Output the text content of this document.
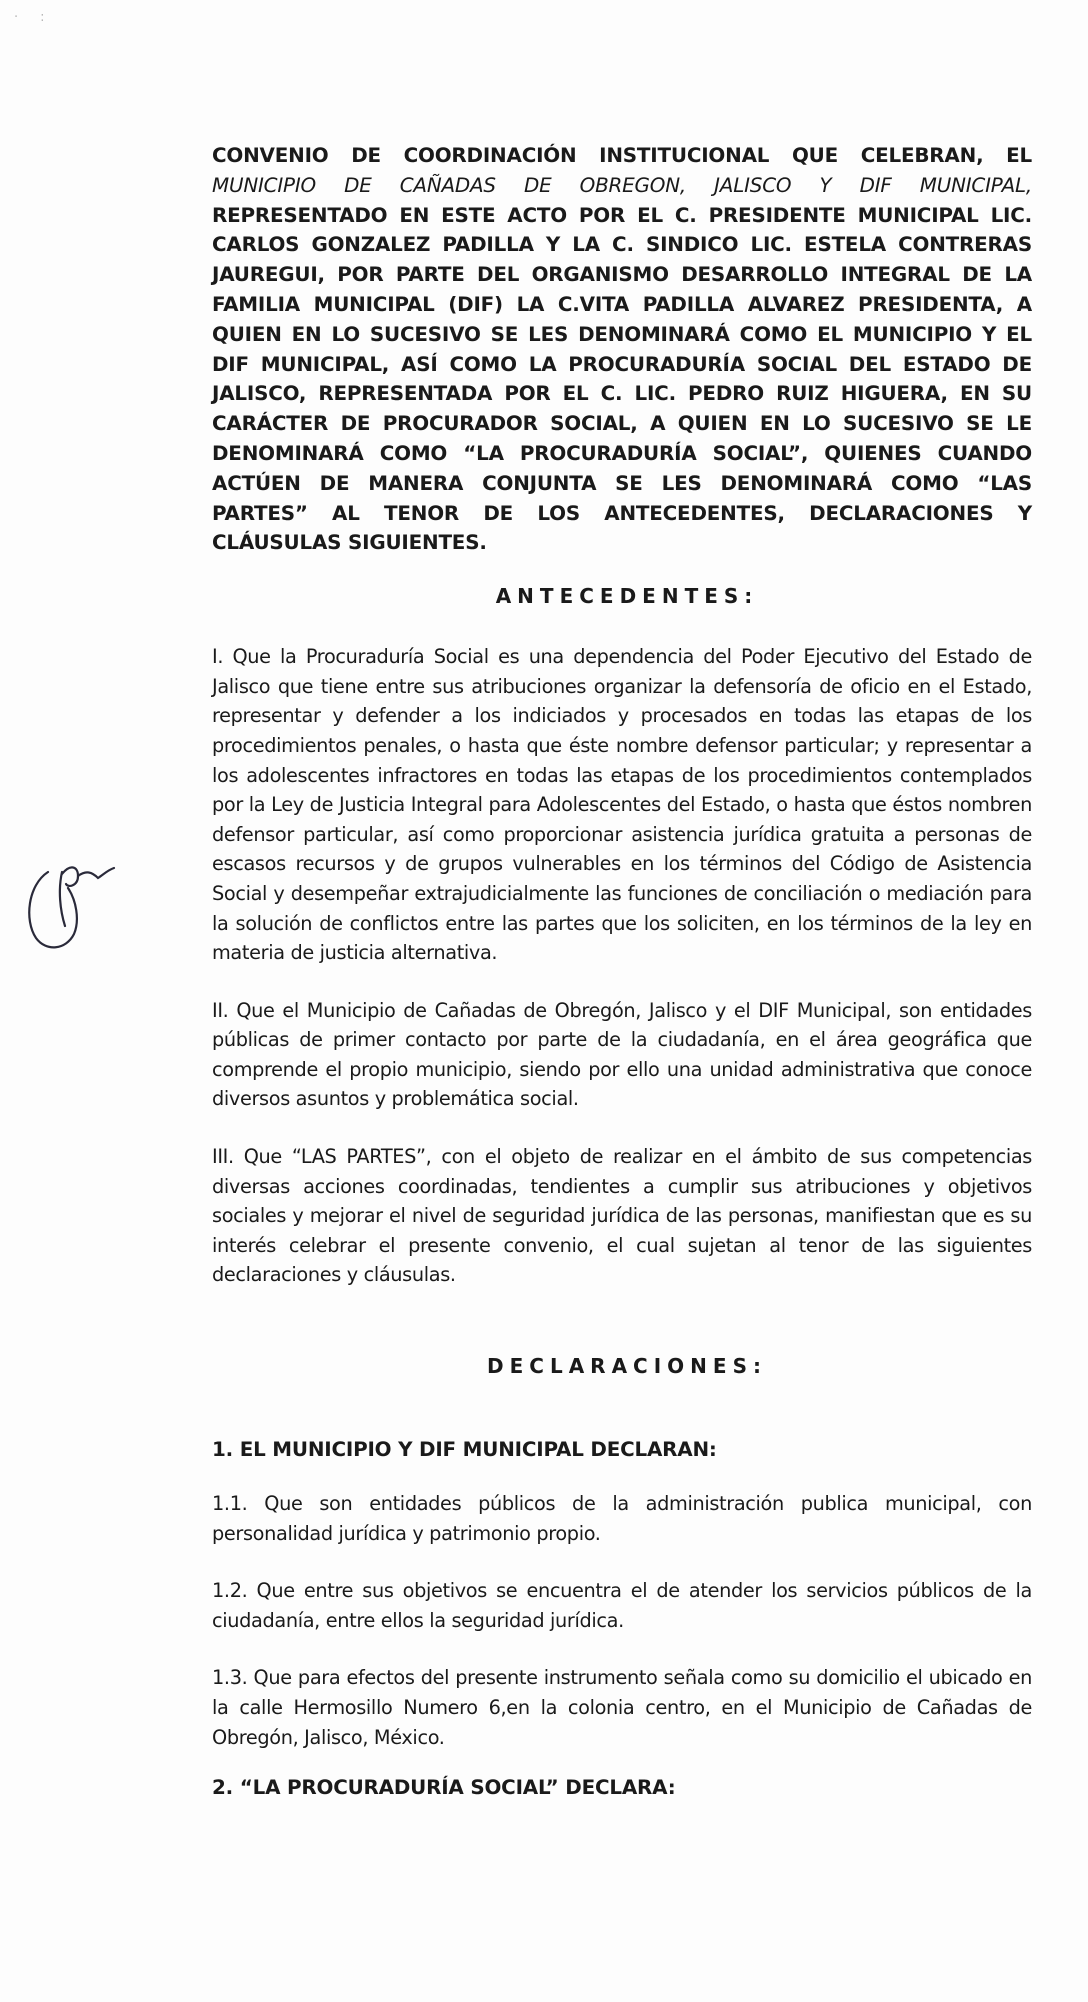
·:

CONVENIO DE COORDINACIÓN INSTITUCIONAL QUE CELEBRAN, EL MUNICIPIO DE CAÑADAS DE OBREGON, JALISCO Y DIF MUNICIPAL, REPRESENTADO EN ESTE ACTO POR EL C. PRESIDENTE MUNICIPAL LIC. CARLOS GONZALEZ PADILLA Y LA C. SINDICO LIC. ESTELA CONTRERAS JAUREGUI, POR PARTE DEL ORGANISMO DESARROLLO INTEGRAL DE LA FAMILIA MUNICIPAL (DIF) LA C.VITA PADILLA ALVAREZ PRESIDENTA, A QUIEN EN LO SUCESIVO SE LES DENOMINARÁ COMO EL MUNICIPIO Y EL DIF MUNICIPAL, ASÍ COMO LA PROCURADURÍA SOCIAL DEL ESTADO DE JALISCO, REPRESENTADA POR EL C. LIC. PEDRO RUIZ HIGUERA, EN SU CARÁCTER DE PROCURADOR SOCIAL, A QUIEN EN LO SUCESIVO SE LE DENOMINARÁ COMO “LA PROCURADURÍA SOCIAL”, QUIENES CUANDO ACTÚEN DE MANERA CONJUNTA SE LES DENOMINARÁ COMO “LAS PARTES” AL TENOR DE LOS ANTECEDENTES, DECLARACIONES Y CLÁUSULAS SIGUIENTES.

ANTECEDENTES:

I. Que la Procuraduría Social es una dependencia del Poder Ejecutivo del Estado de Jalisco que tiene entre sus atribuciones organizar la defensoría de oficio en el Estado, representar y defender a los indiciados y procesados en todas las etapas de los procedimientos penales, o hasta que éste nombre defensor particular; y representar a los adolescentes infractores en todas las etapas de los procedimientos contemplados por la Ley de Justicia Integral para Adolescentes del Estado, o hasta que éstos nombren defensor particular, así como proporcionar asistencia jurídica gratuita a personas de escasos recursos y de grupos vulnerables en los términos del Código de Asistencia Social y desempeñar extrajudicialmente las funciones de conciliación o mediación para la solución de conflictos entre las partes que los soliciten, en los términos de la ley en materia de justicia alternativa.

II. Que el Municipio de Cañadas de Obregón, Jalisco y el DIF Municipal, son entidades públicas de primer contacto por parte de la ciudadanía, en el área geográfica que comprende el propio municipio, siendo por ello una unidad administrativa que conoce diversos asuntos y problemática social.

III. Que “LAS PARTES”, con el objeto de realizar en el ámbito de sus competencias diversas acciones coordinadas, tendientes a cumplir sus atribuciones y objetivos sociales y mejorar el nivel de seguridad jurídica de las personas, manifiestan que es su interés celebrar el presente convenio, el cual sujetan al tenor de las siguientes declaraciones y cláusulas.

DECLARACIONES:
1. EL MUNICIPIO Y DIF MUNICIPAL DECLARAN:

1.1. Que son entidades públicos de la administración publica municipal, con personalidad jurídica y patrimonio propio.

1.2. Que entre sus objetivos se encuentra el de atender los servicios públicos de la ciudadanía, entre ellos la seguridad jurídica.

1.3. Que para efectos del presente instrumento señala como su domicilio el ubicado en la calle Hermosillo Numero 6,en la colonia centro, en el Municipio de Cañadas de Obregón, Jalisco, México.

2. “LA PROCURADURÍA SOCIAL” DECLARA:
